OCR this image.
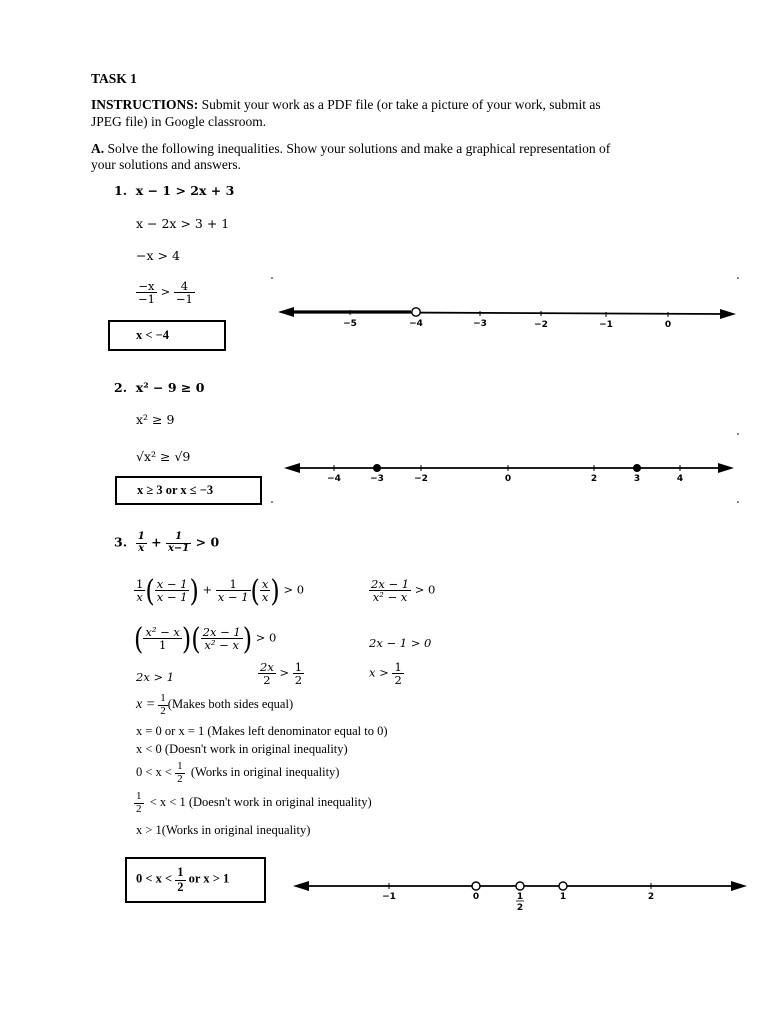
TASK 1
INSTRUCTIONS: Submit your work as a PDF file (or take a picture of your work, submit as
JPEG file) in Google classroom.
A. Solve the following inequalities. Show your solutions and make a graphical representation of
your solutions and answers.
1. x − 1 > 2x + 3
x − 2x > 3 + 1
−x > 4
$\frac{-x}{-1} > \frac{4}{-1}$
x < −4
−5	−4	−3	−2	−1	0
2. x² − 9 ≥ 0
x² ≥ 9
√x² ≥ √9
x ≥ 3 or x ≤ −3
−4	−3	−2	0	2	3	4
3. $\frac{1}{x} + \frac{1}{x-1} > 0$
$\frac{1}{x}$ ( $\frac{x - 1}{x - 1}$ ) + $\frac{1}{x - 1}$ ( $\frac{x}{x}$ ) > 0	$\frac{2x - 1}{\text{x² − x}} > 0$
( $\frac{\text{x² − x}}{1}$ )( $\frac{2x - 1}{\text{x² − x}}$ ) > 0	2x − 1 > 0
2x > 1	$\frac{2x}{2} > \frac{1}{2}$	$x > \frac{1}{2}$
$x = \frac{1}{2}$ (Makes both sides equal)
x = 0 or x = 1 (Makes left denominator equal to 0)
x < 0 (Doesn't work in original inequality)
$0 < x < \frac{1}{2}$ (Works in original inequality)
$\frac{1}{2} < x < 1$ (Doesn't work in original inequality)
x > 1(Works in original inequality)
$0 < x < \frac{1}{2}$ or x > 1
−1	0	1
2
1	2
